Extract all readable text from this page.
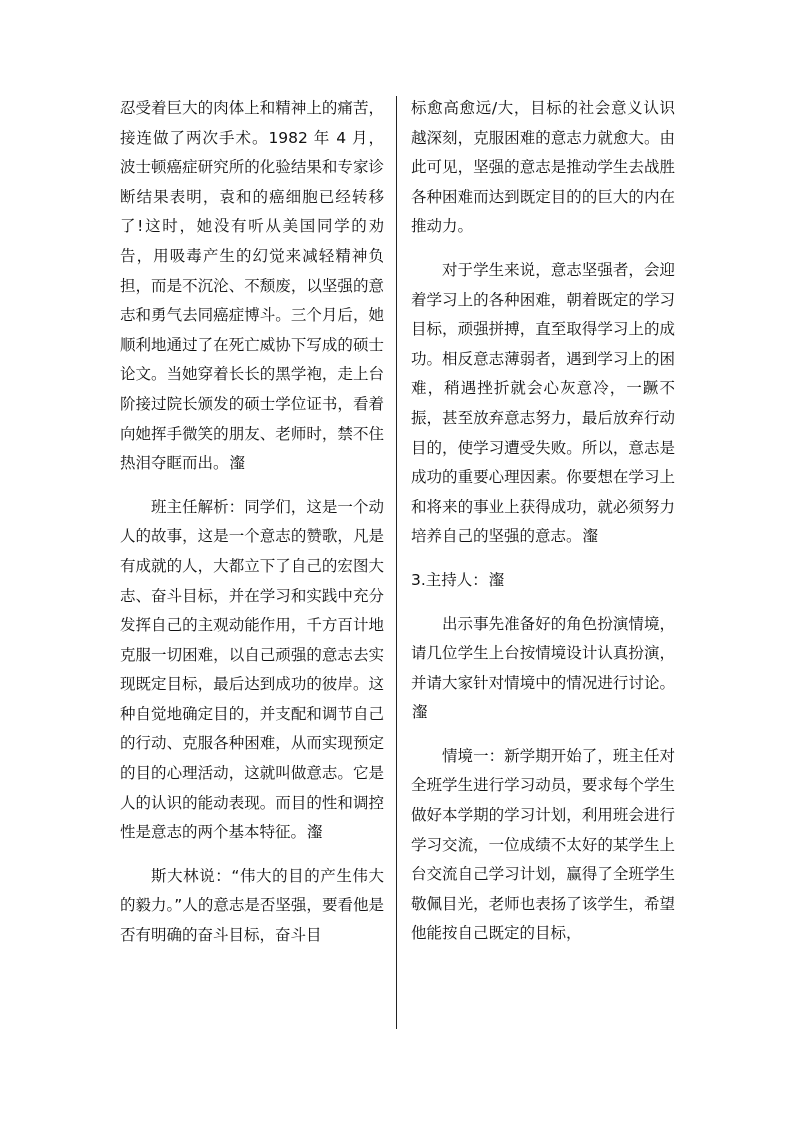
忍受着巨大的肉体上和精神上的痛苦，接连做了两次手术。1982 年 4 月，波士顿癌症研究所的化验结果和专家诊断结果表明，袁和的癌细胞已经转移了!这时，她没有听从美国同学的劝告，用吸毒产生的幻觉来减轻精神负担，而是不沉沦、不颓废，以坚强的意志和勇气去同癌症博斗。三个月后，她顺利地通过了在死亡威协下写成的硕士论文。当她穿着长长的黑学袍，走上台阶接过院长颁发的硕士学位证书，看着向她挥手微笑的朋友、老师时，禁不住热泪夺眶而出。瀣

班主任解析：同学们，这是一个动人的故事，这是一个意志的赞歌，凡是有成就的人，大都立下了自己的宏图大志、奋斗目标，并在学习和实践中充分发挥自己的主观动能作用，千方百计地克服一切困难，以自己顽强的意志去实现既定目标，最后达到成功的彼岸。这种自觉地确定目的，并支配和调节自己的行动、克服各种困难，从而实现预定的目的心理活动，这就叫做意志。它是人的认识的能动表现。而目的性和调控性是意志的两个基本特征。瀣

斯大林说：“伟大的目的产生伟大的毅力。”人的意志是否坚强，要看他是否有明确的奋斗目标，奋斗目

标愈高愈远/大，目标的社会意义认识越深刻，克服困难的意志力就愈大。由此可见，坚强的意志是推动学生去战胜各种困难而达到既定目的的巨大的内在推动力。

对于学生来说，意志坚强者，会迎着学习上的各种困难，朝着既定的学习目标，顽强拼搏，直至取得学习上的成功。相反意志薄弱者，遇到学习上的困难，稍遇挫折就会心灰意冷，一蹶不振，甚至放弃意志努力，最后放弃行动目的，使学习遭受失败。所以，意志是成功的重要心理因素。你要想在学习上和将来的事业上获得成功，就必须努力培养自己的坚强的意志。瀣

3.主持人：瀣

出示事先准备好的角色扮演情境，请几位学生上台按情境设计认真扮演，并请大家针对情境中的情况进行讨论。瀣

情境一：新学期开始了，班主任对全班学生进行学习动员，要求每个学生做好本学期的学习计划，利用班会进行学习交流，一位成绩不太好的某学生上台交流自己学习计划，赢得了全班学生敬佩目光，老师也表扬了该学生，希望他能按自己既定的目标，
